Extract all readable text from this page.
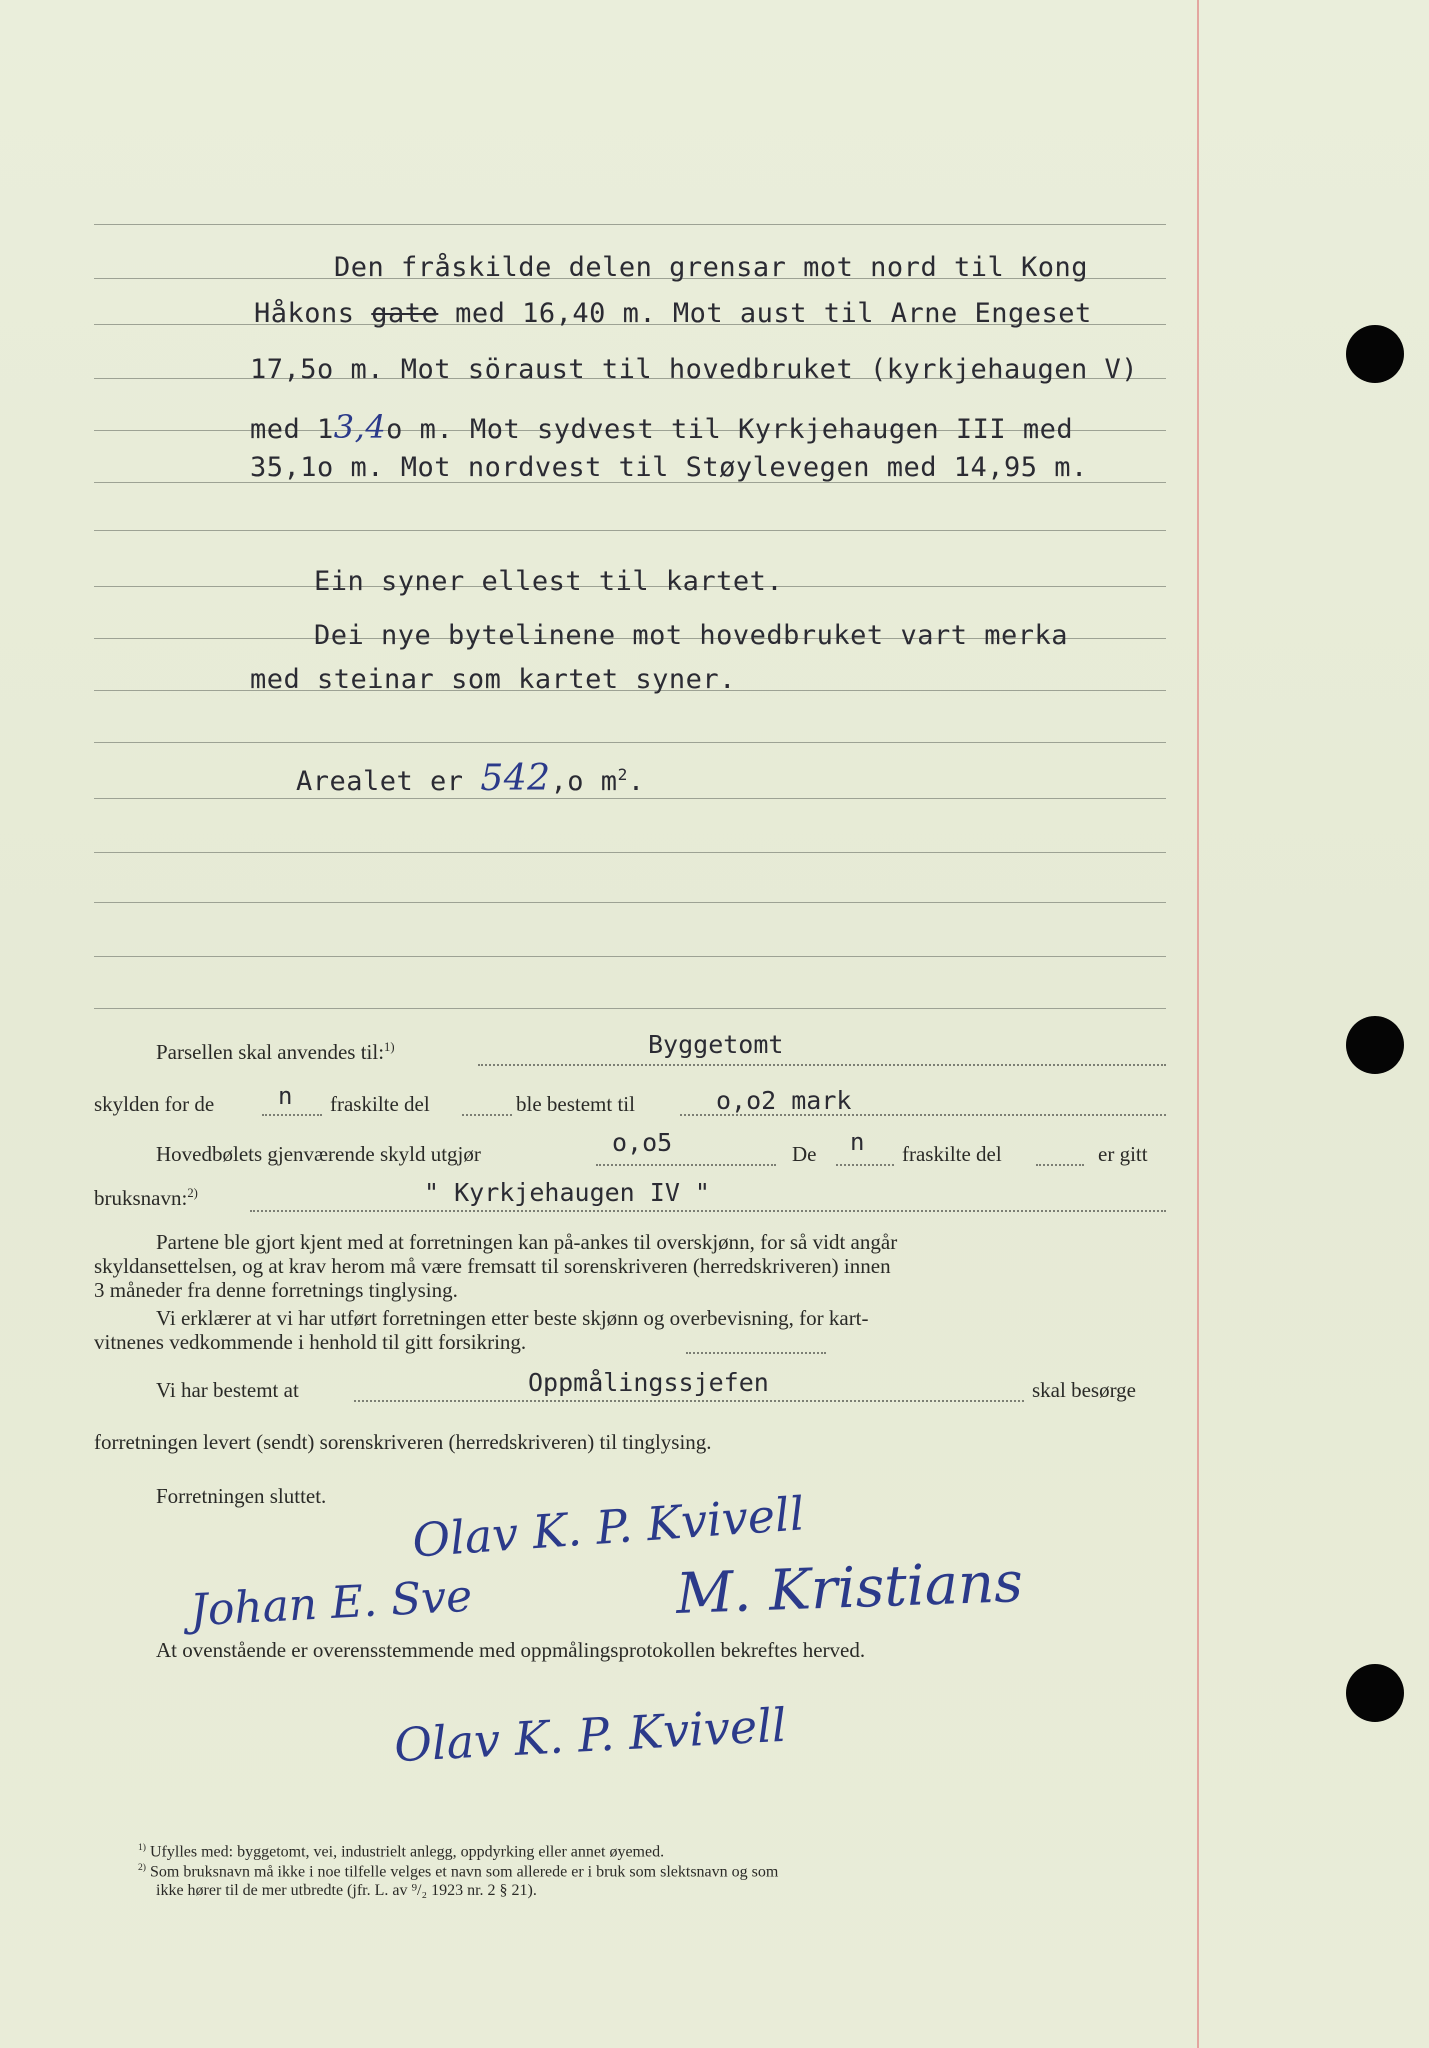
Den fråskilde delen grensar mot nord til Kong
Håkons gate med 16,40 m. Mot aust til Arne Engeset
17,5o m. Mot söraust til hovedbruket (kyrkjehaugen V)
med 13,4o m. Mot sydvest til Kyrkjehaugen III med
35,1o m. Mot nordvest til Støylevegen med 14,95 m.
Ein syner ellest til kartet.
Dei nye bytelinene mot hovedbruket vart merka
med steinar som kartet syner.
Arealet er 542,o $m^2$.
Parsellen skal anvendes til:$^{1)}$	Byggetomt
skylden for de	n fraskilte del	ble bestemt til	o,o2 mark
Hovedbølets gjenværende skyld utgjør	o,o5	De n fraskilte del	er gitt
bruksnavn:$^{2)}$	" Kyrkjehaugen IV "
Partene ble gjort kjent med at forretningen kan på-ankes til overskjønn, for så vidt angår
skyldansettelsen, og at krav herom må være fremsatt til sorenskriveren (herredskriveren) innen
3 måneder fra denne forretnings tinglysing.
Vi erklærer at vi har utført forretningen etter beste skjønn og overbevisning, for kart-
vitnenes vedkommende i henhold til gitt forsikring.
Vi har bestemt at	Oppmålingssjefen	skal besørge
forretningen levert (sendt) sorenskriveren (herredskriveren) til tinglysing.
Forretningen sluttet. Olav K. P. Kvivell
Johan E. Sve	M. Kristians
At ovenstående er overensstemmende med oppmålingsprotokollen bekreftes herved.
Olav K. P. Kvivell
$^{1)}$ Ufylles med: byggetomt, vei, industrielt anlegg, oppdyrking eller annet øyemed.
$^{2)}$ Som bruksnavn må ikke i noe tilfelle velges et navn som allerede er i bruk som slektsnavn og som
ikke hører til de mer utbredte (jfr. L. av ⁹/₂ 1923 nr. 2 § 21).
